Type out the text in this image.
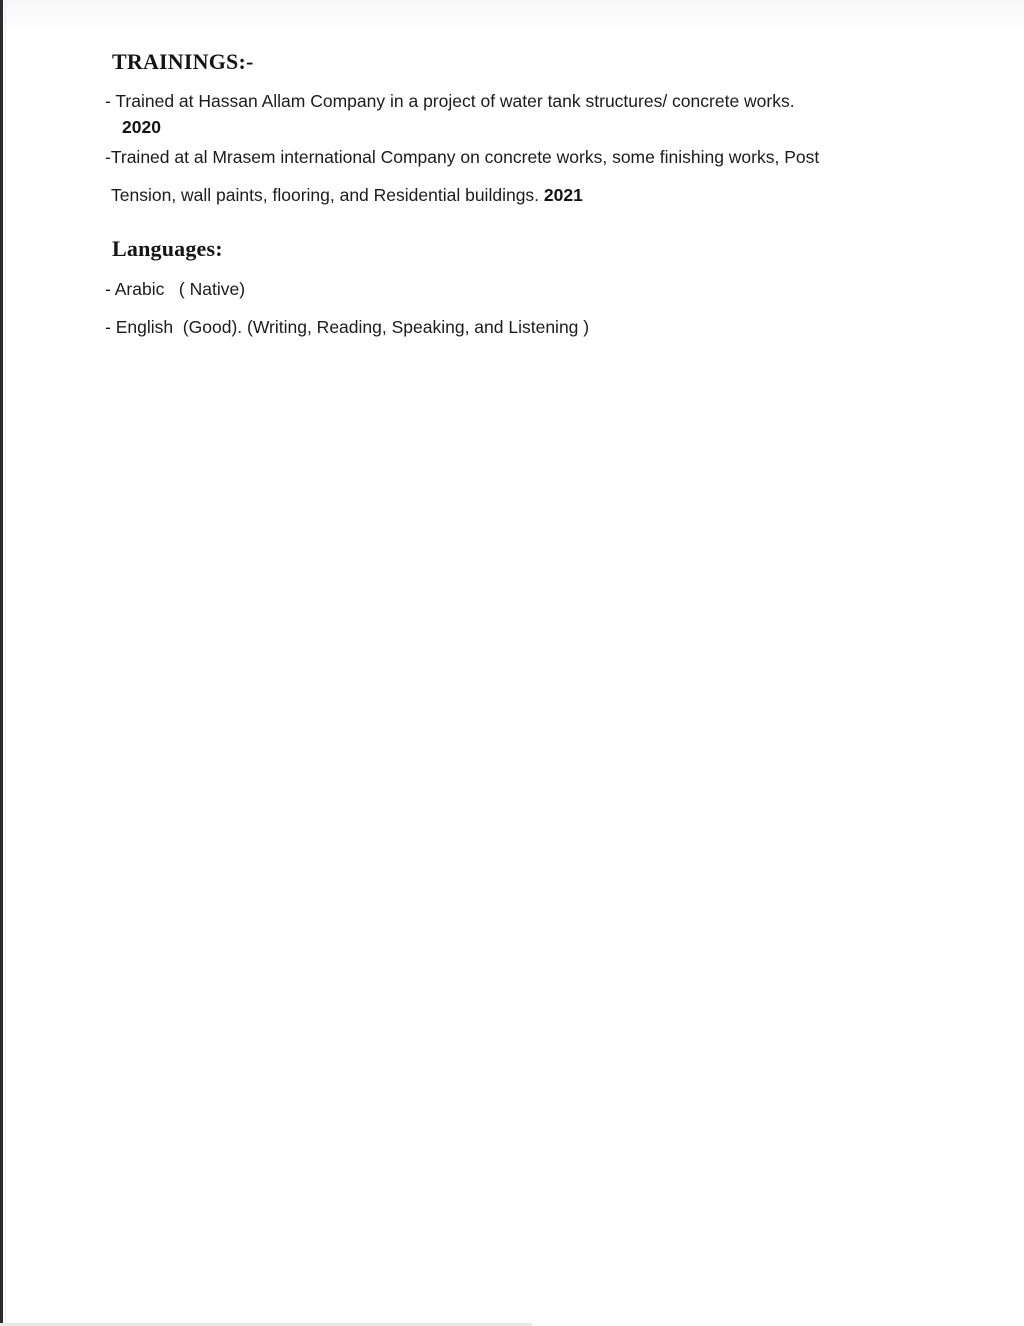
TRAININGS:-
- Trained at Hassan Allam Company in a project of water tank structures/ concrete works.
2020
-Trained at al Mrasem international Company on concrete works, some finishing works, Post
Tension, wall paints, flooring, and Residential buildings. 2021
Languages:
- Arabic   ( Native)
- English  (Good). (Writing, Reading, Speaking, and Listening )
